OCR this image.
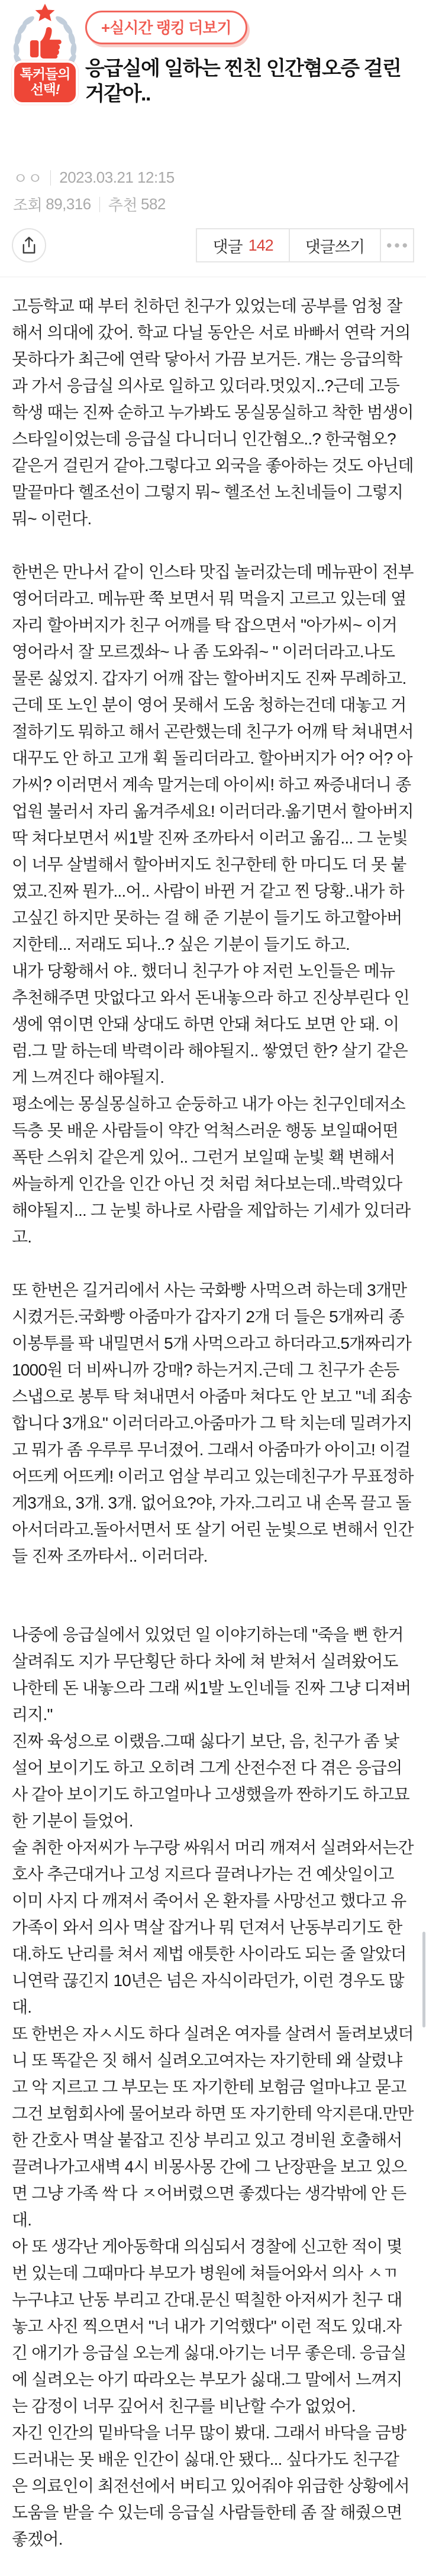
톡커들의
선택!
+실시간 랭킹 더보기
응급실에 일하는 찐친 인간혐오증 걸린거같아..
ㅇㅇ 2023.03.21 12:15
조회 89,316 추천 582
댓글 142	댓글쓰기	●●●

고등학교 때 부터 친하던 친구가 있었는데 공부를 엄청 잘해서 의대에 갔어. 학교 다닐 동안은 서로 바빠서 연락 거의 못하다가 최근에 연락 닿아서 가끔 보거든. 걔는 응급의학과 가서 응급실 의사로 일하고 있더라.멋있지..?근데 고등학생 때는 진짜 순하고 누가봐도 몽실몽실하고 착한 범생이 스타일이었는데 응급실 다니더니 인간혐오..? 한국혐오? 같은거 걸린거 같아.그렇다고 외국을 좋아하는 것도 아닌데 말끝마다 헬조선이 그렇지 뭐~ 헬조선 노친네들이 그렇지 뭐~ 이런다.

한번은 만나서 같이 인스타 맛집 놀러갔는데 메뉴판이 전부 영어더라고. 메뉴판 쭉 보면서 뭐 먹을지 고르고 있는데 옆자리 할아버지가 친구 어깨를 탁 잡으면서 "아가씨~ 이거 영어라서 잘 모르겠솨~ 나 좀 도와줘~ " 이러더라고.나도 물론 싫었지. 갑자기 어깨 잡는 할아버지도 진짜 무례하고. 근데 또 노인 분이 영어 못해서 도움 청하는건데 대놓고 거절하기도 뭐하고 해서 곤란했는데 친구가 어깨 탁 쳐내면서 대꾸도 안 하고 고개 휙 돌리더라고. 할아버지가 어? 어? 아가씨? 이러면서 계속 말거는데 아이씨! 하고 짜증내더니 종업원 불러서 자리 옮겨주세요! 이러더라.옮기면서 할아버지 딱 쳐다보면서 씨1발 진짜 조까타서 이러고 옮김... 그 눈빛이 너무 살벌해서 할아버지도 친구한테 한 마디도 더 못 붙였고.진짜 뭔가...어.. 사람이 바뀐 거 같고 찐 당황..내가 하고싶긴 하지만 못하는 걸 해 준 기분이 들기도 하고할아버지한테... 저래도 되나..? 싶은 기분이 들기도 하고.

내가 당황해서 야.. 했더니 친구가 야 저런 노인들은 메뉴 추천해주면 맛없다고 와서 돈내놓으라 하고 진상부린다 인생에 엮이면 안돼 상대도 하면 안돼 쳐다도 보면 안 돼. 이럼.그 말 하는데 박력이라 해야될지.. 쌓였던 한? 살기 같은게 느껴진다 해야될지.

평소에는 몽실몽실하고 순둥하고 내가 아는 친구인데저소득층 못 배운 사람들이 약간 억척스러운 행동 보일때어떤 폭탄 스위치 같은게 있어.. 그런거 보일때 눈빛 홱 변해서 싸늘하게 인간을 인간 아닌 것 처럼 쳐다보는데..박력있다 해야될지... 그 눈빛 하나로 사람을 제압하는 기세가 있더라고.

또 한번은 길거리에서 사는 국화빵 사먹으려 하는데 3개만 시켰거든.국화빵 아줌마가 갑자기 2개 더 들은 5개짜리 종이봉투를 팍 내밀면서 5개 사먹으라고 하더라고.5개짜리가 1000원 더 비싸니까 강매? 하는거지.근데 그 친구가 손등 스냅으로 봉투 탁 쳐내면서 아줌마 쳐다도 안 보고 "네 죄송합니다 3개요" 이러더라고.아줌마가 그 탁 치는데 밀려가지고 뭐가 좀 우루루 무너졌어. 그래서 아줌마가 아이고! 이걸 어뜨케 어뜨케! 이러고 엄살 부리고 있는데친구가 무표정하게3개요, 3개. 3개. 없어요?야, 가자.그리고 내 손목 끌고 돌아서더라고.돌아서면서 또 살기 어린 눈빛으로 변해서 인간들 진짜 조까타서.. 이러더라.

나중에 응급실에서 있었던 일 이야기하는데 "죽을 뻔 한거 살려줘도 지가 무단횡단 하다 차에 쳐 받쳐서 실려왔어도 나한테 돈 내놓으라 그래 씨1발 노인네들 진짜 그냥 디져버리지."

진짜 육성으로 이랬음.그때 싫다기 보단, 음, 친구가 좀 낯설어 보이기도 하고 오히려 그게 산전수전 다 겪은 응급의사 같아 보이기도 하고얼마나 고생했을까 짠하기도 하고묘한 기분이 들었어.

술 취한 아저씨가 누구랑 싸워서 머리 깨져서 실려와서는간호사 추근대거나 고성 지르다 끌려나가는 건 예삿일이고

이미 사지 다 깨져서 죽어서 온 환자를 사망선고 했다고 유가족이 와서 의사 멱살 잡거나 뭐 던져서 난동부리기도 한대.하도 난리를 쳐서 제법 애틋한 사이라도 되는 줄 알았더니연락 끊긴지 10년은 넘은 자식이라던가, 이런 경우도 많대.

또 한번은 자ㅅ시도 하다 실려온 여자를 살려서 돌려보냈더니 또 똑같은 짓 해서 실려오고여자는 자기한테 왜 살렸냐고 악 지르고 그 부모는 또 자기한테 보험금 얼마냐고 묻고 그건 보험회사에 물어보라 하면 또 자기한테 악지른대.만만한 간호사 멱살 붙잡고 진상 부리고 있고 경비원 호출해서 끌려나가고새벽 4시 비몽사몽 간에 그 난장판을 보고 있으면 그냥 가족 싹 다 ㅈ어버렸으면 좋겠다는 생각밖에 안 든대.

아 또 생각난 게아동학대 의심되서 경찰에 신고한 적이 몇 번 있는데 그때마다 부모가 병원에 쳐들어와서 의사 ㅅㄲ 누구냐고 난동 부리고 간대.문신 떡칠한 아저씨가 친구 대놓고 사진 찍으면서 "너 내가 기억했다" 이런 적도 있대.자긴 애기가 응급실 오는게 싫대.아기는 너무 좋은데. 응급실에 실려오는 아기 따라오는 부모가 싫대.그 말에서 느껴지는 감정이 너무 깊어서 친구를 비난할 수가 없었어.

자긴 인간의 밑바닥을 너무 많이 봤대. 그래서 바닥을 금방 드러내는 못 배운 인간이 싫대.안 됐다... 싶다가도 친구같은 의료인이 최전선에서 버티고 있어줘야 위급한 상황에서 도움을 받을 수 있는데 응급실 사람들한테 좀 잘 해줬으면 좋겠어.
